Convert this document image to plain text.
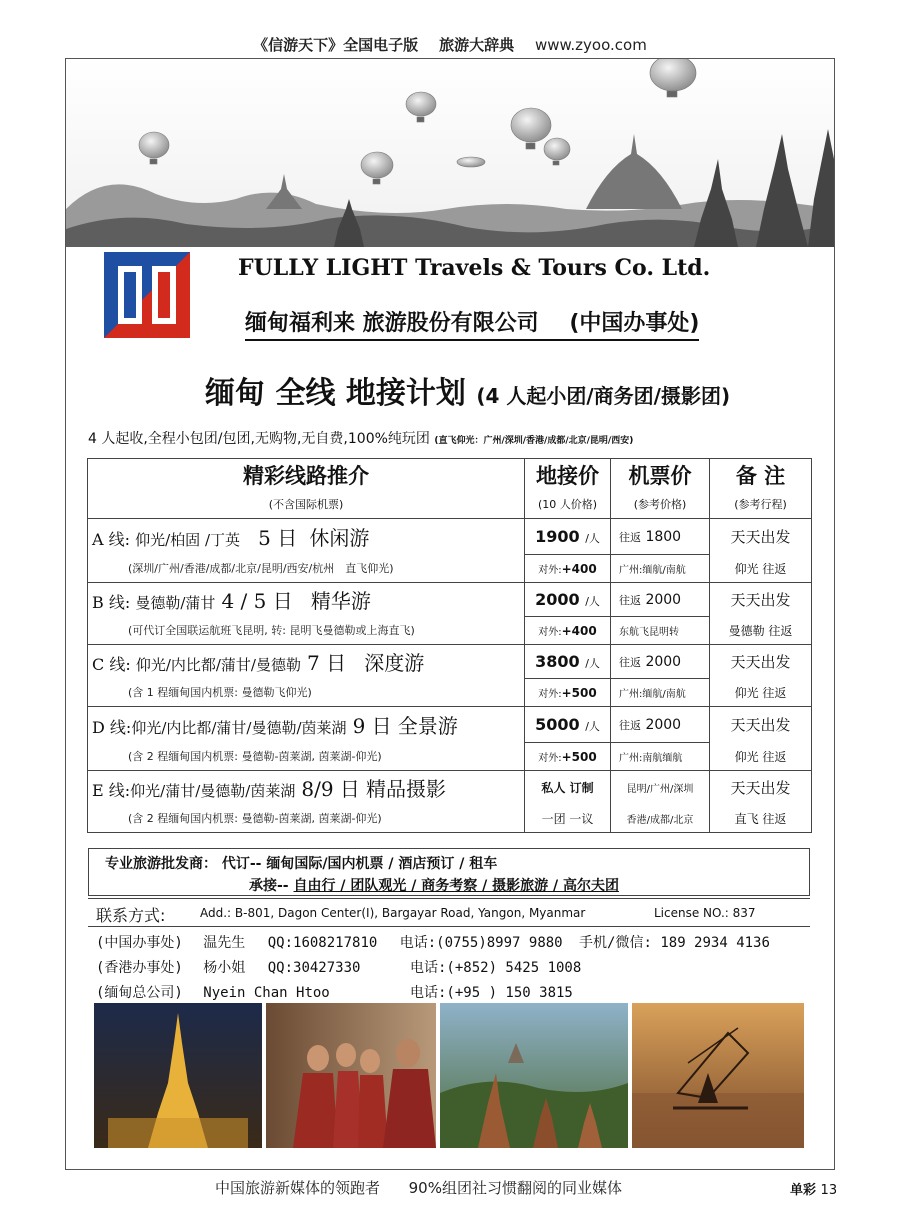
《信游天下》全国电子版 旅游大辞典 www.zyoo.com
FULLY LIGHT Travels & Tours Co. Ltd.
缅甸福利来 旅游股份有限公司 (中国办事处)
缅甸 全线 地接计划 (4 人起小团/商务团/摄影团)
4 人起收,全程小包团/包团,无购物,无自费,100%纯玩团 (直飞仰光：广州/深圳/香港/成都/北京/昆明/西安)
精彩线路推介	地接价	机票价	备 注
(不含国际机票)	(10 人价格)	(参考价格)	(参考行程)
A 线: 仰光/柏固 /丁英 5 日 休闲游	1900 /人	往返 1800	天天出发
(深圳/广州/香港/成都/北京/昆明/西安/杭州　直飞仰光)	对外:+400	广州:缅航/南航	仰光 往返
B 线: 曼德勒/蒲甘 4 / 5 日 精华游	2000 /人	往返 2000	天天出发
(可代订全国联运航班飞昆明, 转: 昆明飞曼德勒或上海直飞)	对外:+400	东航飞昆明转	曼德勒 往返
C 线: 仰光/内比都/蒲甘/曼德勒 7 日 深度游	3800 /人	往返 2000	天天出发
(含 1 程缅甸国内机票: 曼德勒飞仰光)	对外:+500	广州:缅航/南航	仰光 往返
D 线:仰光/内比都/蒲甘/曼德勒/茵莱湖 9 日 全景游	5000 /人	往返 2000	天天出发
(含 2 程缅甸国内机票: 曼德勒-茵莱湖, 茵莱湖-仰光)	对外:+500	广州:南航缅航	仰光 往返
E 线:仰光/蒲甘/曼德勒/茵莱湖 8/9 日 精品摄影	私人 订制	昆明/广州/深圳	天天出发
(含 2 程缅甸国内机票: 曼德勒-茵莱湖, 茵莱湖-仰光)	一团 一议	香港/成都/北京	直飞 往返
专业旅游批发商： 代订-- 缅甸国际/国内机票 / 酒店预订 / 租车
承接-- 自由行 / 团队观光 / 商务考察 / 摄影旅游 / 高尔夫团
联系方式:	Add.: B-801, Dagon Center(I), Bargayar Road, Yangon, Myanmar	License NO.: 837
(中国办事处) 温先生 QQ:1608217810 电话:(0755)8997 9880 手机/微信: 189 2934 4136
(香港办事处) 杨小姐 QQ:30427330	电话:(+852) 5425 1008
(缅甸总公司) Nyein Chan Htoo	电话:(+95 ) 150 3815
中国旅游新媒体的领跑者 90%组团社习惯翻阅的同业媒体	单彩 13
